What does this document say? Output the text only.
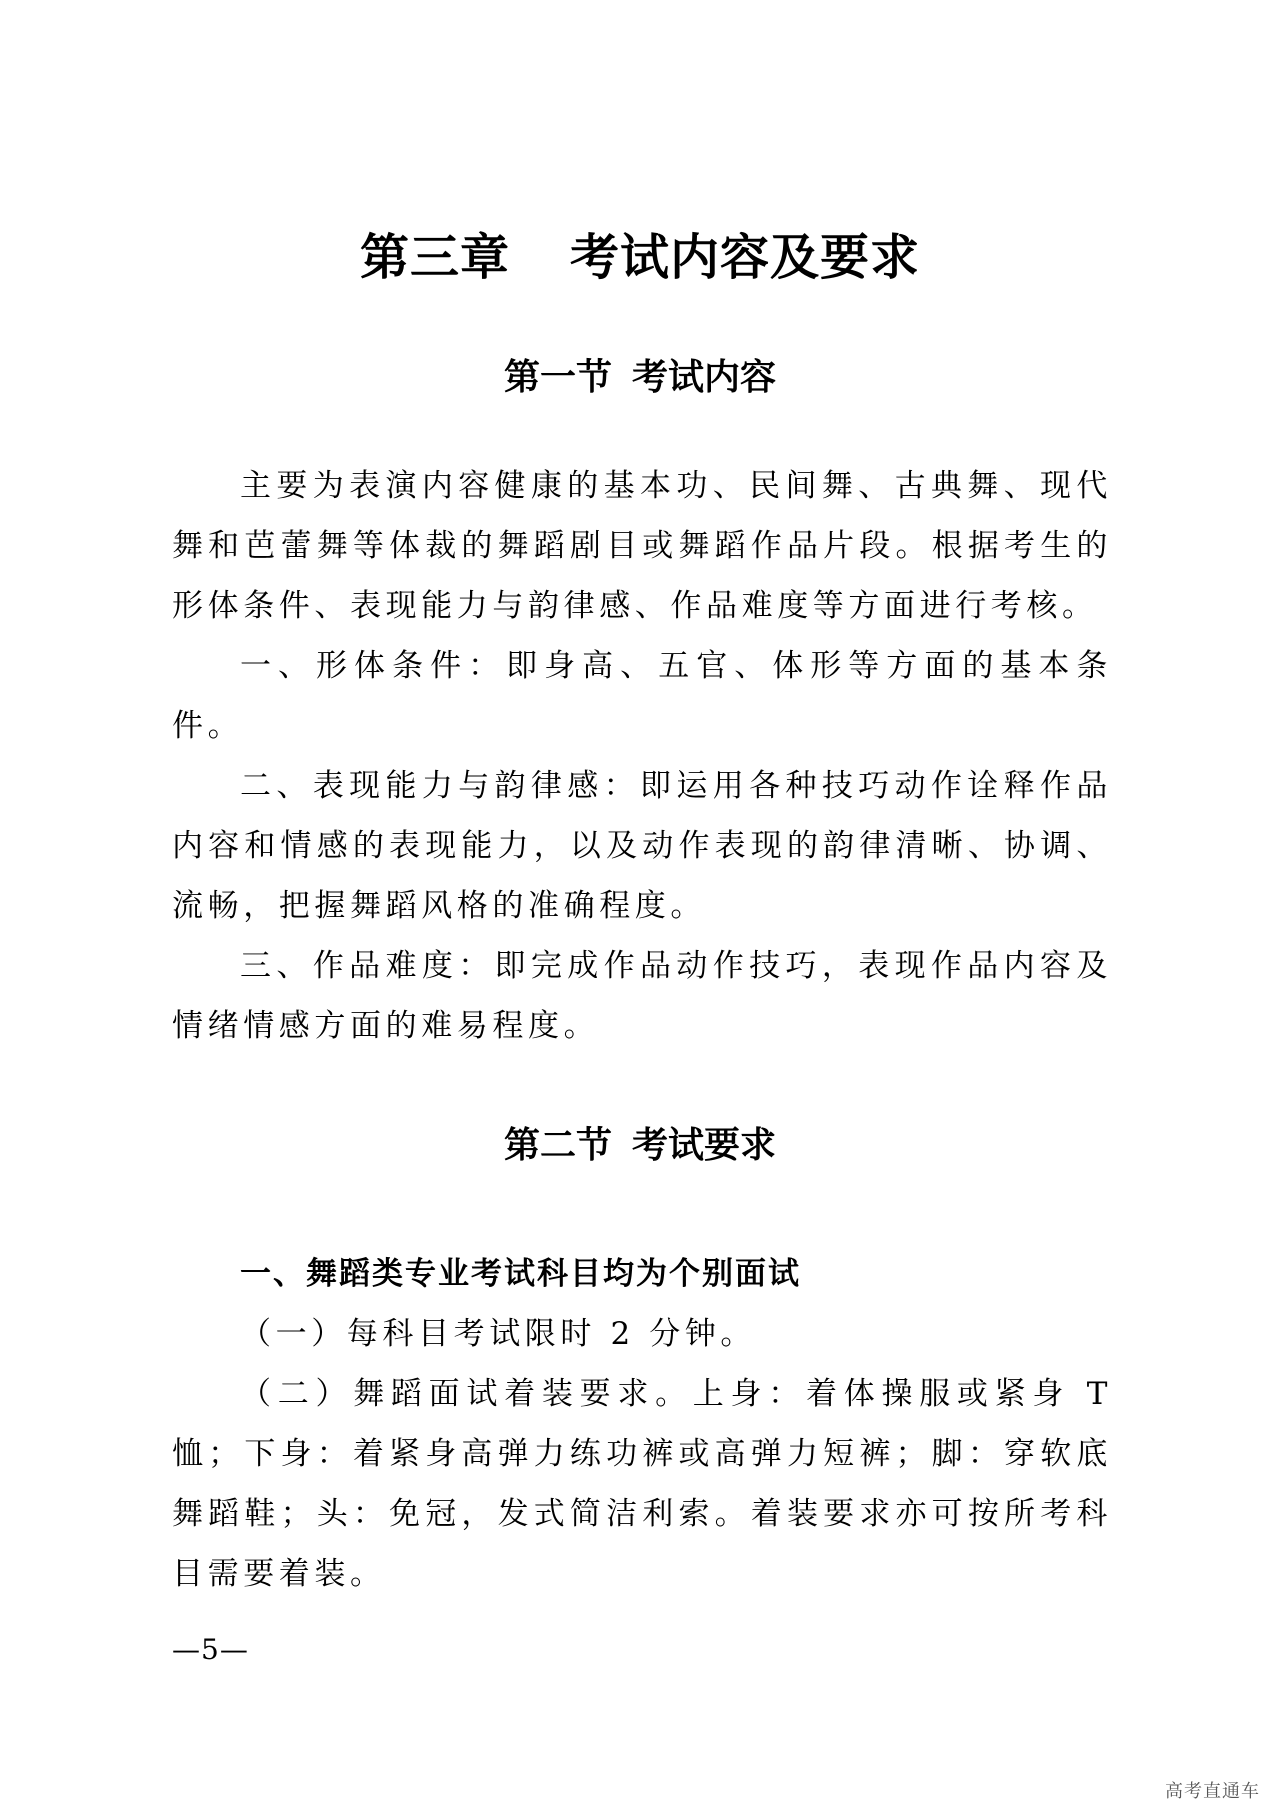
第三章 考试内容及要求
第一节 考试内容

主要为表演内容健康的基本功、民间舞、古典舞、现代舞和芭蕾舞等体裁的舞蹈剧目或舞蹈作品片段。根据考生的形体条件、表现能力与韵律感、作品难度等方面进行考核。

一、形体条件：即身高、五官、体形等方面的基本条件。

二、表现能力与韵律感：即运用各种技巧动作诠释作品内容和情感的表现能力，以及动作表现的韵律清晰、协调、流畅，把握舞蹈风格的准确程度。

三、作品难度：即完成作品动作技巧，表现作品内容及情绪情感方面的难易程度。

第二节 考试要求

一、舞蹈类专业考试科目均为个别面试

（一）每科目考试限时 2 分钟。

（二）舞蹈面试着装要求。上身：着体操服或紧身 T 恤；下身：着紧身高弹力练功裤或高弹力短裤；脚：穿软底舞蹈鞋；头：免冠，发式简洁利索。着装要求亦可按所考科目需要着装。

—5—
高考直通车
